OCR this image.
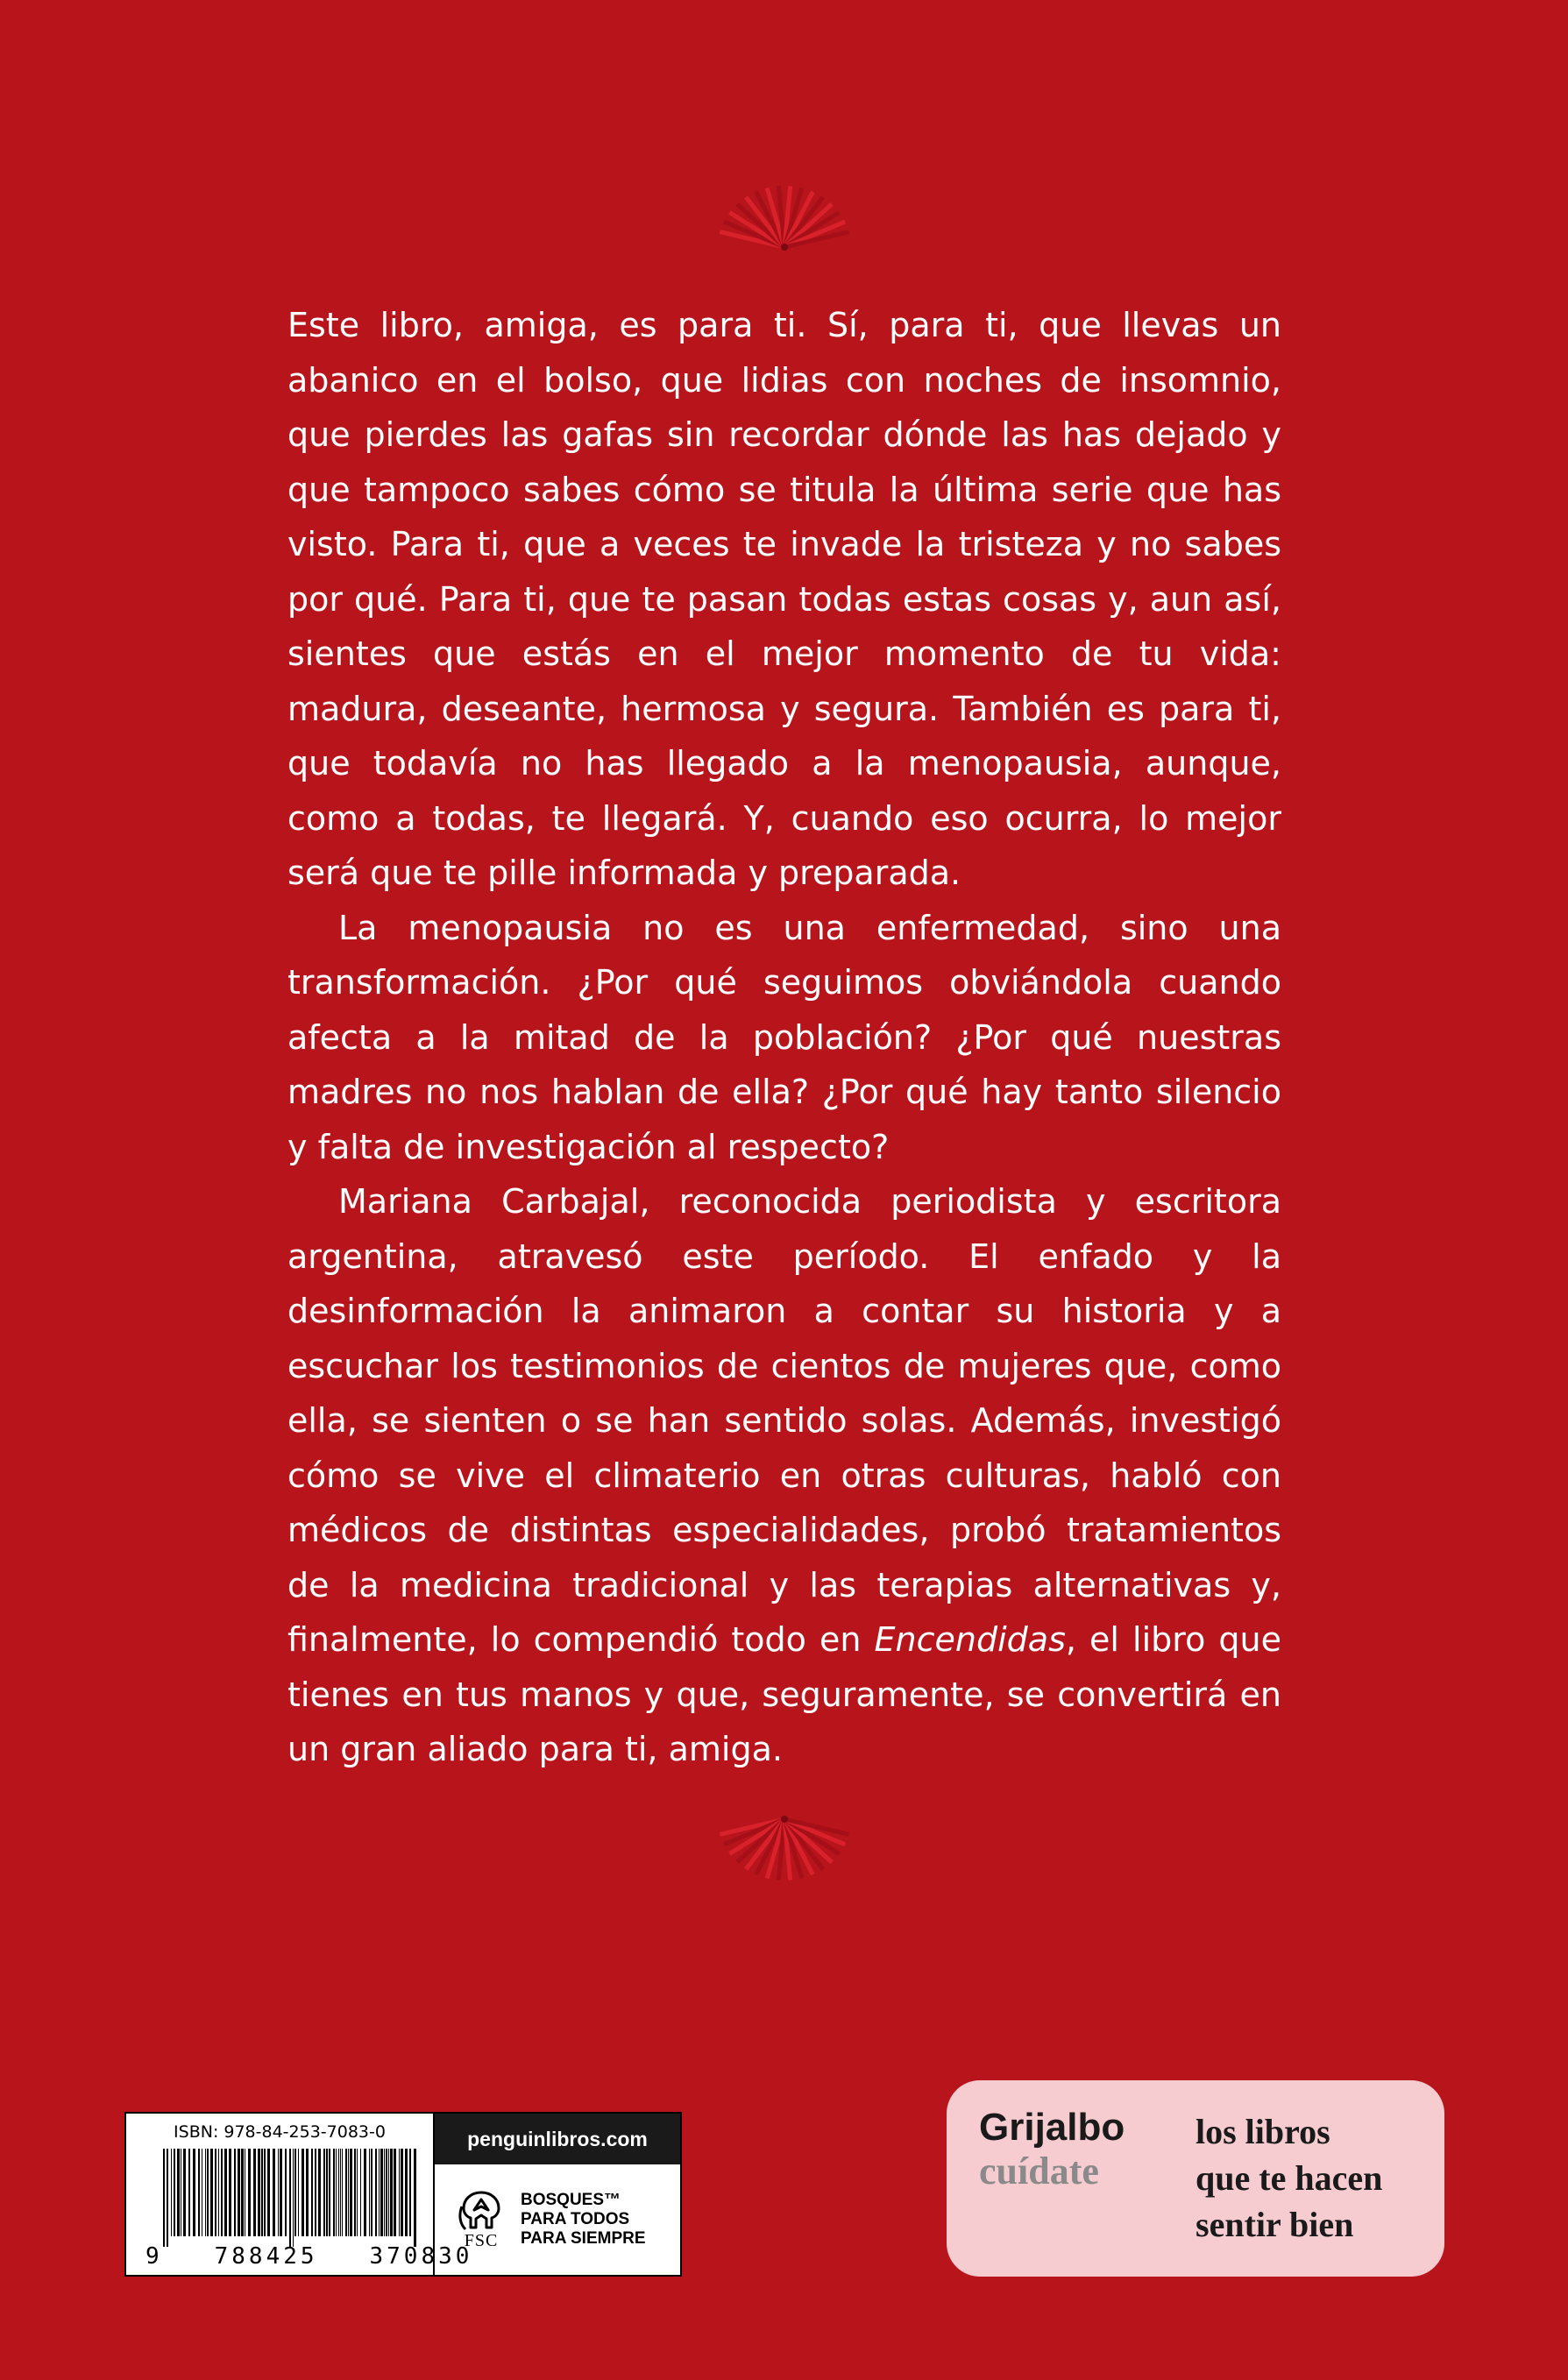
Este libro, amiga, es para ti. Sí, para ti, que llevas un abanico en el bolso, que lidias con noches de insomnio, que pierdes las gafas sin recordar dónde las has dejado y que tampoco sabes cómo se titula la última serie que has visto. Para ti, que a veces te invade la tristeza y no sabes por qué. Para ti, que te pasan todas estas cosas y, aun así, sientes que estás en el mejor momento de tu vida: madura, deseante, hermosa y segura. También es para ti, que todavía no has llegado a la menopausia, aunque, como a todas, te llegará. Y, cuando eso ocurra, lo mejor será que te pille informada y preparada.

La menopausia no es una enfermedad, sino una transformación. ¿Por qué seguimos obviándola cuando afecta a la mitad de la población? ¿Por qué nuestras madres no nos hablan de ella? ¿Por qué hay tanto silencio y falta de investigación al respecto?

Mariana Carbajal, reconocida periodista y escritora argentina, atravesó este período. El enfado y la desinformación la animaron a contar su historia y a escuchar los testimonios de cientos de mujeres que, como ella, se sienten o se han sentido solas. Además, investigó cómo se vive el climaterio en otras culturas, habló con médicos de distintas especialidades, probó tratamientos de la medicina tradicional y las terapias alternativas y, finalmente, lo compendió todo en Encendidas, el libro que tienes en tus manos y que, seguramente, se convertirá en un gran aliado para ti, amiga.

ISBN: 978-84-253-7083-0
9   788425   370830
penguinlibros.com
FSC
BOSQUES™
PARA TODOS
PARA SIEMPRE
Grijalbo
cuídate
los libros
que te hacen
sentir bien
